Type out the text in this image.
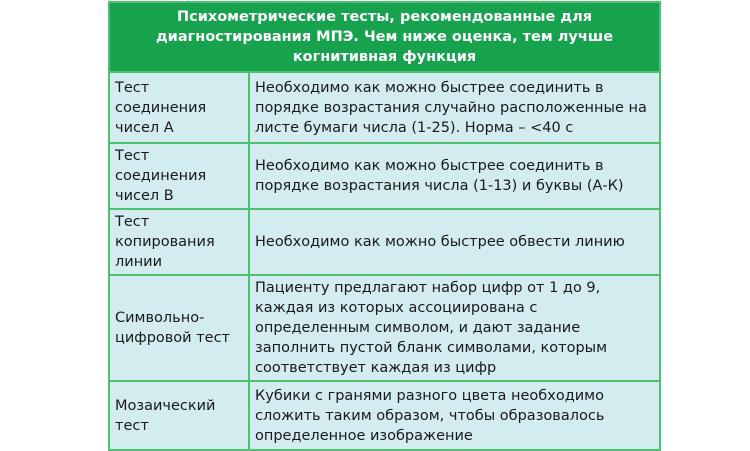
Психометрические тесты, рекомендованные для диагностирования МПЭ. Чем ниже оценка, тем лучше когнитивная функция	
Тест соединения чисел А	Необходимо как можно быстрее соединить в порядке возрастания случайно расположенные на листе бумаги числа (1-25). Норма – <40 с
Тест соединения чисел В	Необходимо как можно быстрее соединить в порядке возрастания числа (1-13) и буквы (А-К)
Тест копирования линии	Необходимо как можно быстрее обвести линию
Символьно-цифровой тест	Пациенту предлагают набор цифр от 1 до 9, каждая из которых ассоциирована с определенным символом, и дают задание заполнить пустой бланк символами, которым соответствует каждая из цифр
Мозаический тест	Кубики с гранями разного цвета необходимо сложить таким образом, чтобы образовалось определенное изображение
